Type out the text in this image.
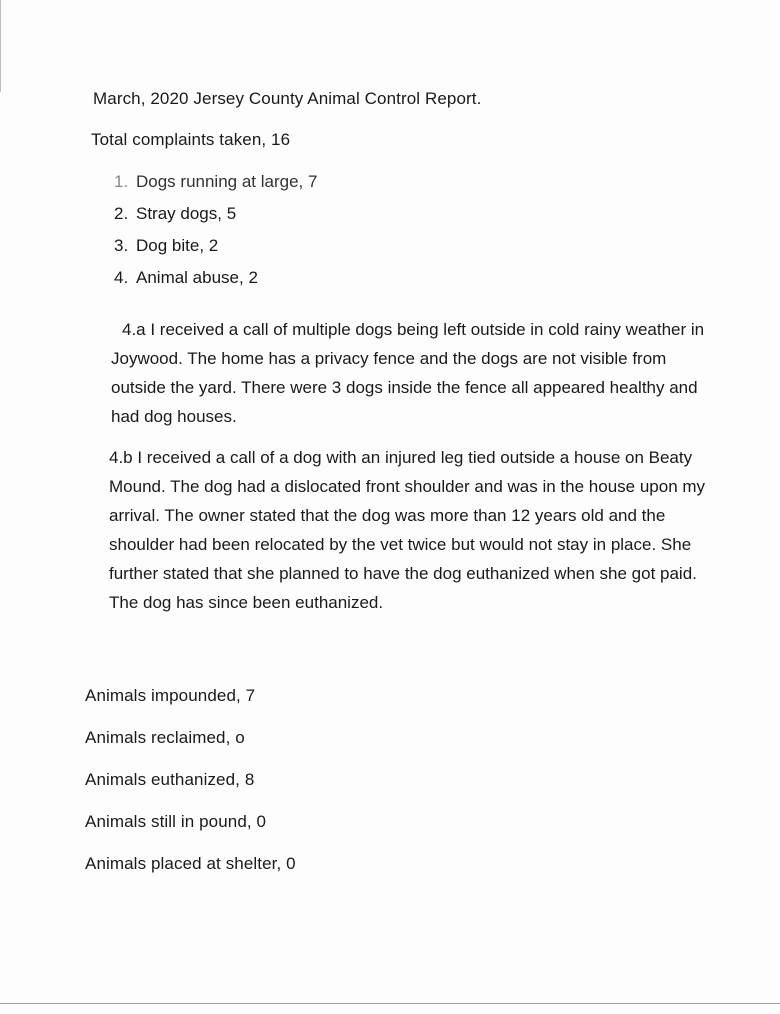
March, 2020 Jersey County Animal Control Report.
Total complaints taken, 16
1. Dogs running at large, 7
2. Stray dogs, 5
3. Dog bite, 2
4. Animal abuse, 2

4.a I received a call of multiple dogs being left outside in cold rainy weather in Joywood. The home has a privacy fence and the dogs are not visible from outside the yard. There were 3 dogs inside the fence all appeared healthy and had dog houses.

4.b I received a call of a dog with an injured leg tied outside a house on Beaty Mound. The dog had a dislocated front shoulder and was in the house upon my arrival. The owner stated that the dog was more than 12 years old and the shoulder had been relocated by the vet twice but would not stay in place. She further stated that she planned to have the dog euthanized when she got paid. The dog has since been euthanized.

Animals impounded, 7
Animals reclaimed, o
Animals euthanized, 8
Animals still in pound, 0
Animals placed at shelter, 0
